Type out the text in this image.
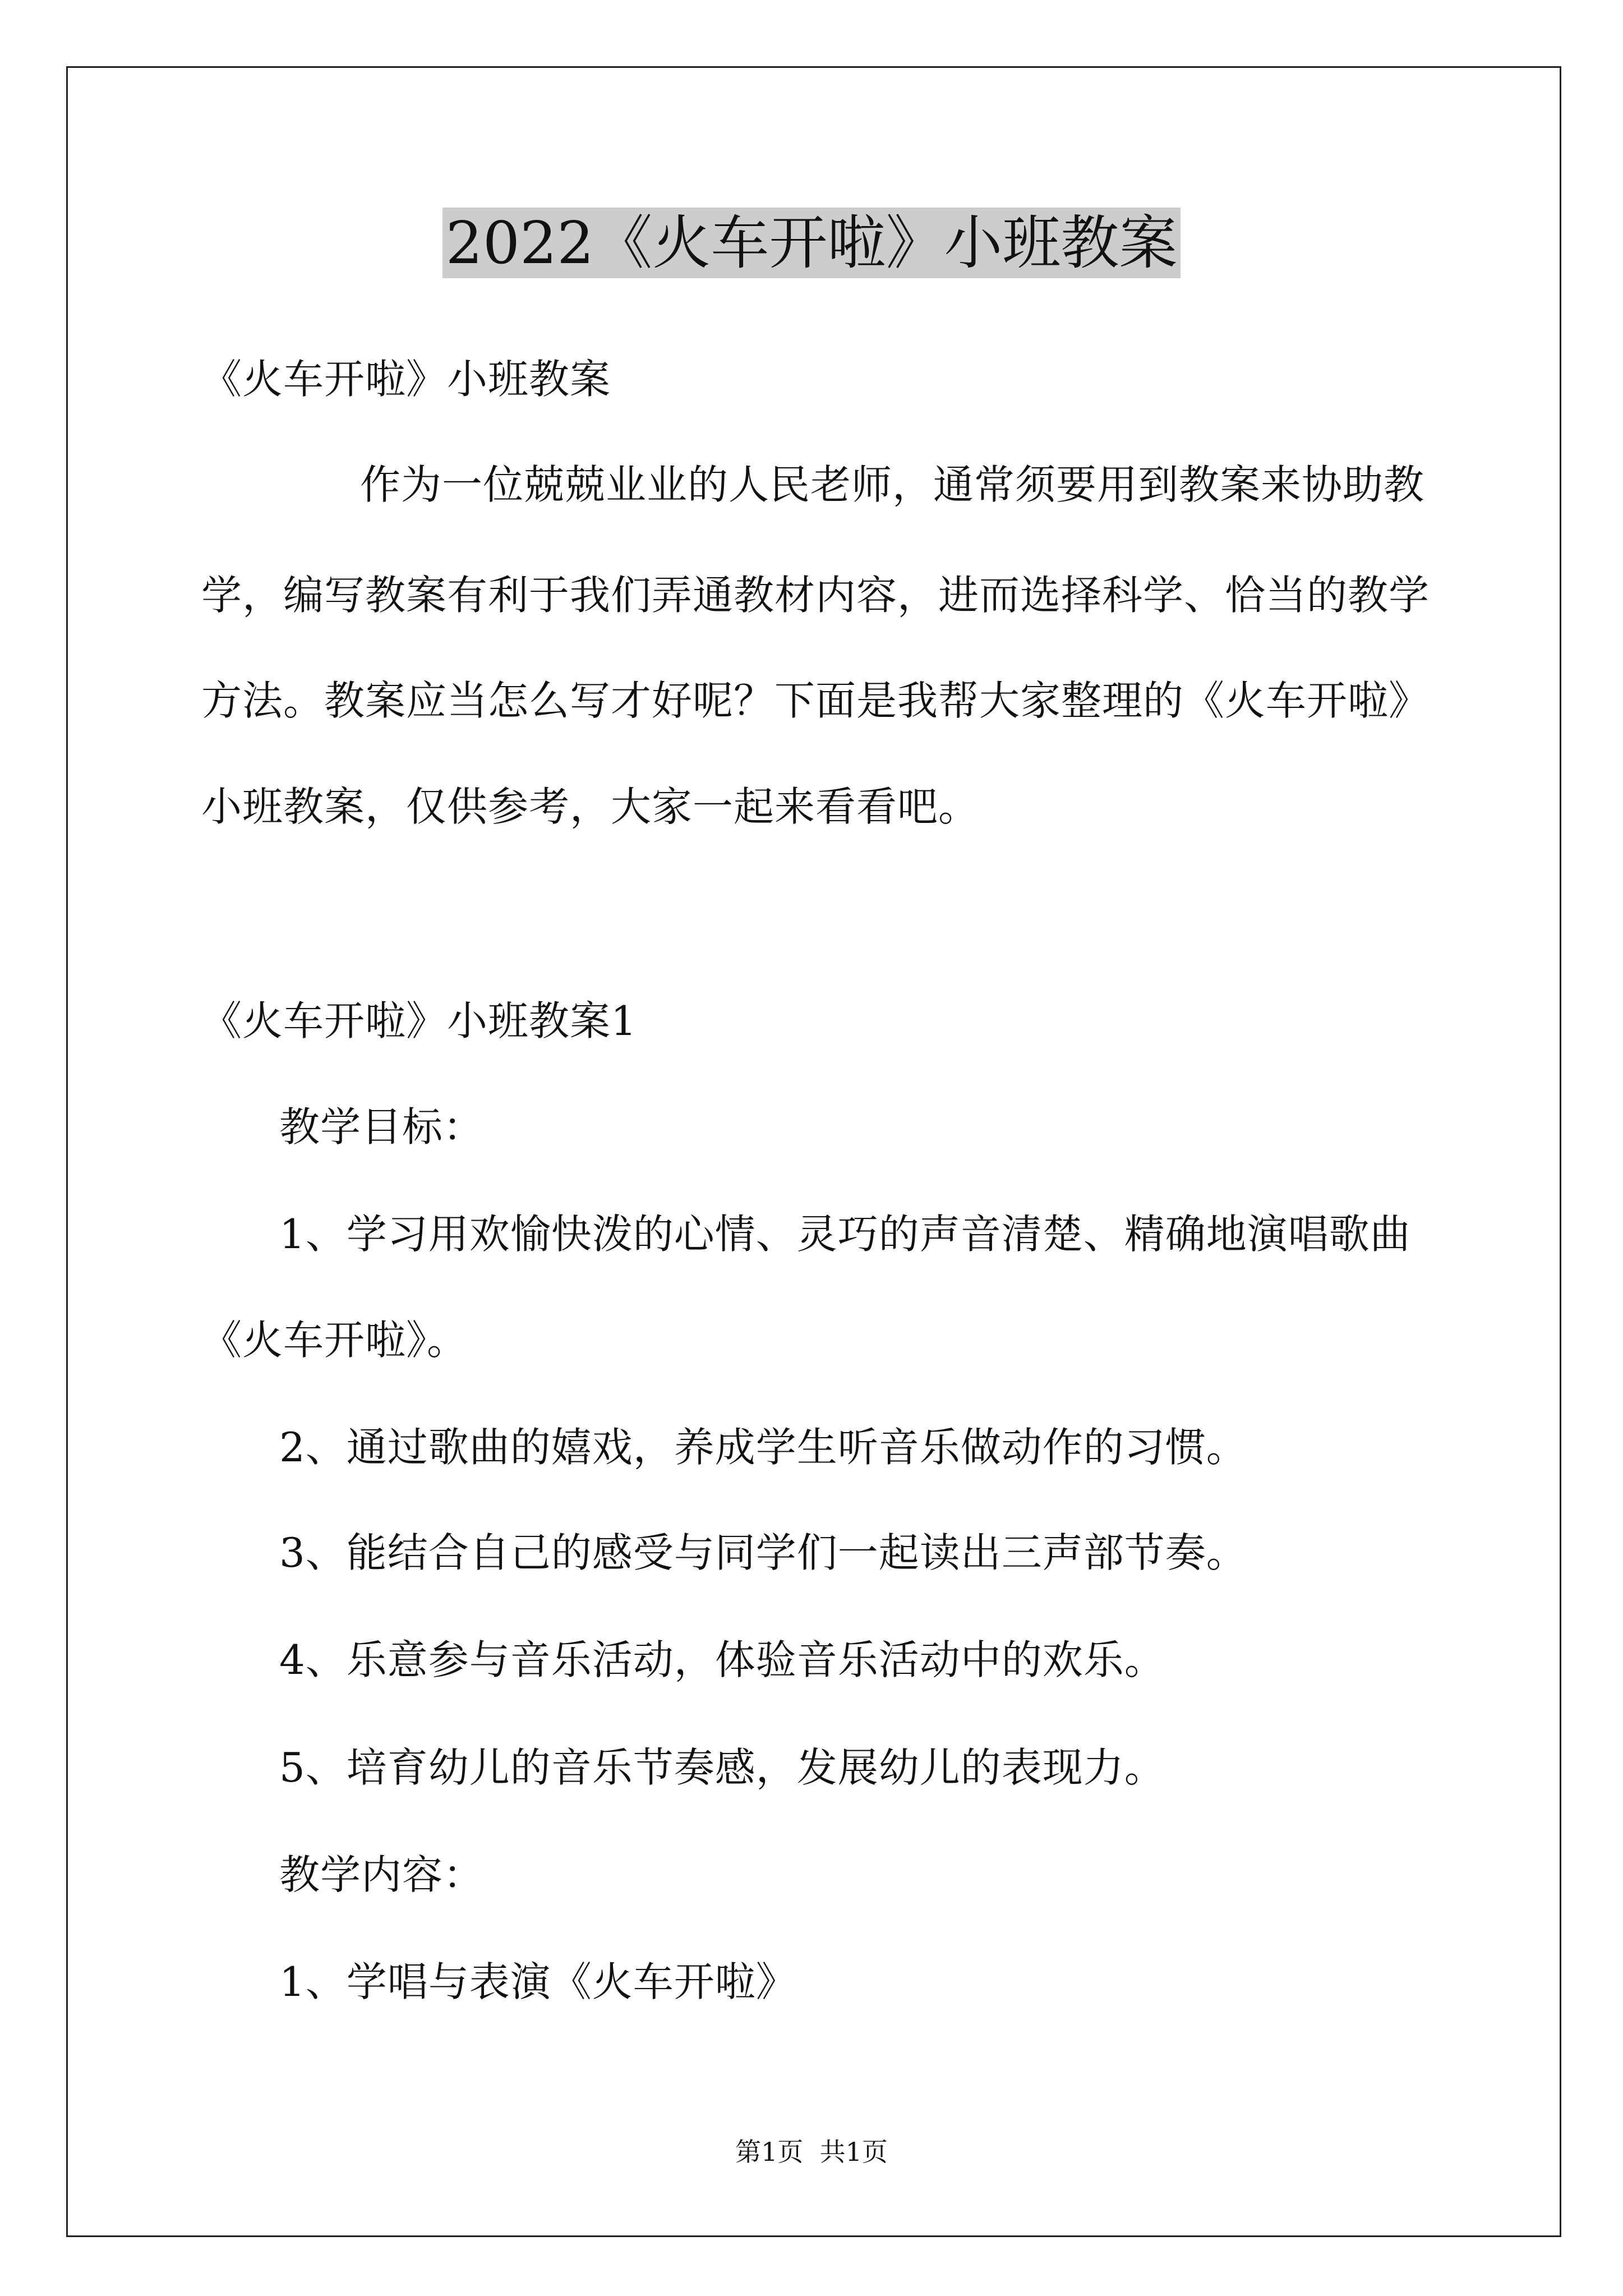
2022《火车开啦》小班教案
《火车开啦》小班教案
作为一位兢兢业业的人民老师，通常须要用到教案来协助教
学，编写教案有利于我们弄通教材内容，进而选择科学、恰当的教学
方法。教案应当怎么写才好呢？下面是我帮大家整理的《火车开啦》
小班教案，仅供参考，大家一起来看看吧。
《火车开啦》小班教案1
教学目标：
1、学习用欢愉快泼的心情、灵巧的声音清楚、精确地演唱歌曲
《火车开啦》。
2、通过歌曲的嬉戏，养成学生听音乐做动作的习惯。
3、能结合自己的感受与同学们一起读出三声部节奏。
4、乐意参与音乐活动，体验音乐活动中的欢乐。
5、培育幼儿的音乐节奏感，发展幼儿的表现力。
教学内容：
1、学唱与表演《火车开啦》
第1页  共1页
